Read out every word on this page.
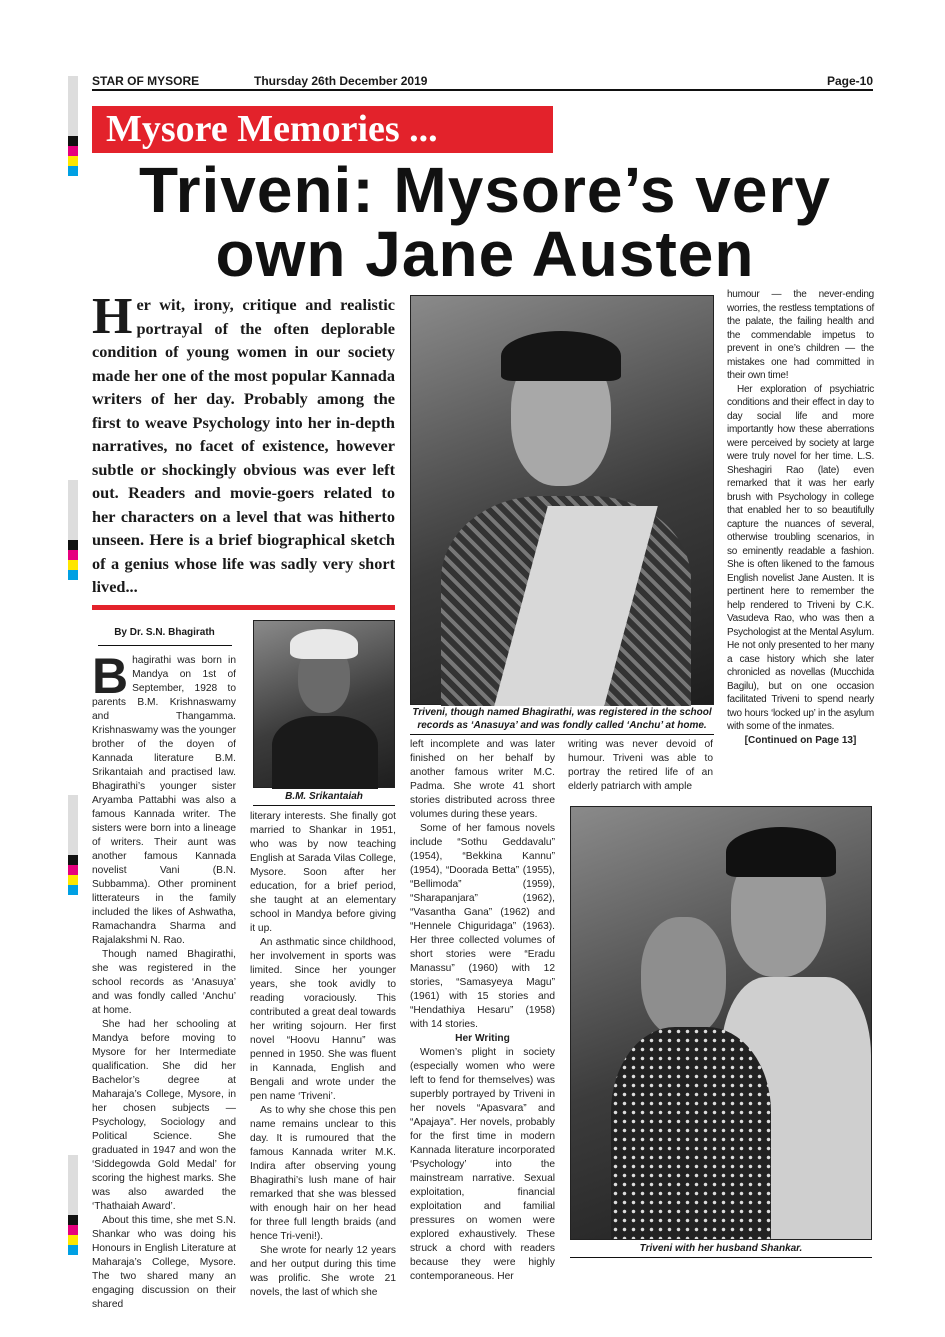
STAR OF MYSORE	Thursday 26th December 2019	Page-10
Mysore Memories ...
Triveni: Mysore’s very
own Jane Austen
Her wit, irony, critique and realistic portrayal of the often deplorable condition of young women in our society made her one of the most popular Kannada writers of her day. Probably among the first to weave Psychology into her in-depth narratives, no facet of existence, however subtle or shockingly obvious was ever left out. Readers and movie-goers related to her characters on a level that was hitherto unseen. Here is a brief biographical sketch of a genius whose life was sadly very short lived...
By Dr. S.N. Bhagirath

Bhagirathi was born in Mandya on 1st of September, 1928 to parents B.M. Krishnaswamy and Thangamma. Krishnaswamy was the younger brother of the doyen of Kannada literature B.M. Srikantaiah and practised law. Bhagirathi’s younger sister Aryamba Pattabhi was also a famous Kannada writer. The sisters were born into a lineage of writers. Their aunt was another famous Kannada novelist Vani (B.N. Subbamma). Other prominent litterateurs in the family included the likes of Ashwatha, Ramachandra Sharma and Rajalakshmi N. Rao.

Though named Bhagirathi, she was registered in the school records as ‘Anasuya’ and was fondly called ‘Anchu’ at home.

She had her schooling at Mandya before moving to Mysore for her Intermediate qualification. She did her Bachelor’s degree at Maharaja’s College, Mysore, in her chosen subjects — Psychology, Sociology and Political Science. She graduated in 1947 and won the ‘Siddegowda Gold Medal’ for scoring the highest marks. She was also awarded the ‘Thathaiah Award’.

About this time, she met S.N. Shankar who was doing his Honours in English Literature at Maharaja’s College, Mysore. The two shared many an engaging discussion on their shared

B.M. Srikantaiah

literary interests. She finally got married to Shankar in 1951, who was by now teaching English at Sarada Vilas College, Mysore. Soon after her education, for a brief period, she taught at an elementary school in Mandya before giving it up.

An asthmatic since childhood, her involvement in sports was limited. Since her younger years, she took avidly to reading voraciously. This contributed a great deal towards her writing sojourn. Her first novel “Hoovu Hannu” was penned in 1950. She was fluent in Kannada, English and Bengali and wrote under the pen name ‘Triveni’.

As to why she chose this pen name remains unclear to this day. It is rumoured that the famous Kannada writer M.K. Indira after observing young Bhagirathi’s lush mane of hair remarked that she was blessed with enough hair on her head for three full length braids (and hence Tri-veni!).

She wrote for nearly 12 years and her output during this time was prolific. She wrote 21 novels, the last of which she

Triveni, though named Bhagirathi, was registered in the school records as ‘Anasuya’ and was fondly called ‘Anchu’ at home.

left incomplete and was later finished on her behalf by another famous writer M.C. Padma. She wrote 41 short stories distributed across three volumes during these years.

Some of her famous novels include “Sothu Geddavalu” (1954), “Bekkina Kannu” (1954), “Doorada Betta” (1955), “Bellimoda” (1959), “Sharapanjara” (1962), “Vasantha Gana” (1962) and “Hennele Chiguridaga” (1963). Her three collected volumes of short stories were “Eradu Manassu” (1960) with 12 stories, “Samasyeya Magu” (1961) with 15 stories and “Hendathiya Hesaru” (1958) with 14 stories.

Her Writing

Women’s plight in society (especially women who were left to fend for themselves) was superbly portrayed by Triveni in her novels “Apasvara” and “Apajaya”. Her novels, probably for the first time in modern Kannada literature incorporated ‘Psychology’ into the mainstream narrative. Sexual exploitation, financial exploitation and familial pressures on women were explored exhaustively. These struck a chord with readers because they were highly contemporaneous. Her

writing was never devoid of humour. Triveni was able to portray the retired life of an elderly patriarch with ample

humour — the never-ending worries, the restless temptations of the palate, the failing health and the commendable impetus to prevent in one’s children — the mistakes one had committed in their own time!

Her exploration of psychiatric conditions and their effect in day to day social life and more importantly how these aberrations were perceived by society at large were truly novel for her time. L.S. Sheshagiri Rao (late) even remarked that it was her early brush with Psychology in college that enabled her to so beautifully capture the nuances of several, otherwise troubling scenarios, in so eminently readable a fashion. She is often likened to the famous English novelist Jane Austen. It is pertinent here to remember the help rendered to Triveni by C.K. Vasudeva Rao, who was then a Psychologist at the Mental Asylum. He not only presented to her many a case history which she later chronicled as novellas (Mucchida Bagilu), but on one occasion facilitated Triveni to spend nearly two hours ‘locked up’ in the asylum with some of the inmates.

[Continued on Page 13]
Triveni with her husband Shankar.
